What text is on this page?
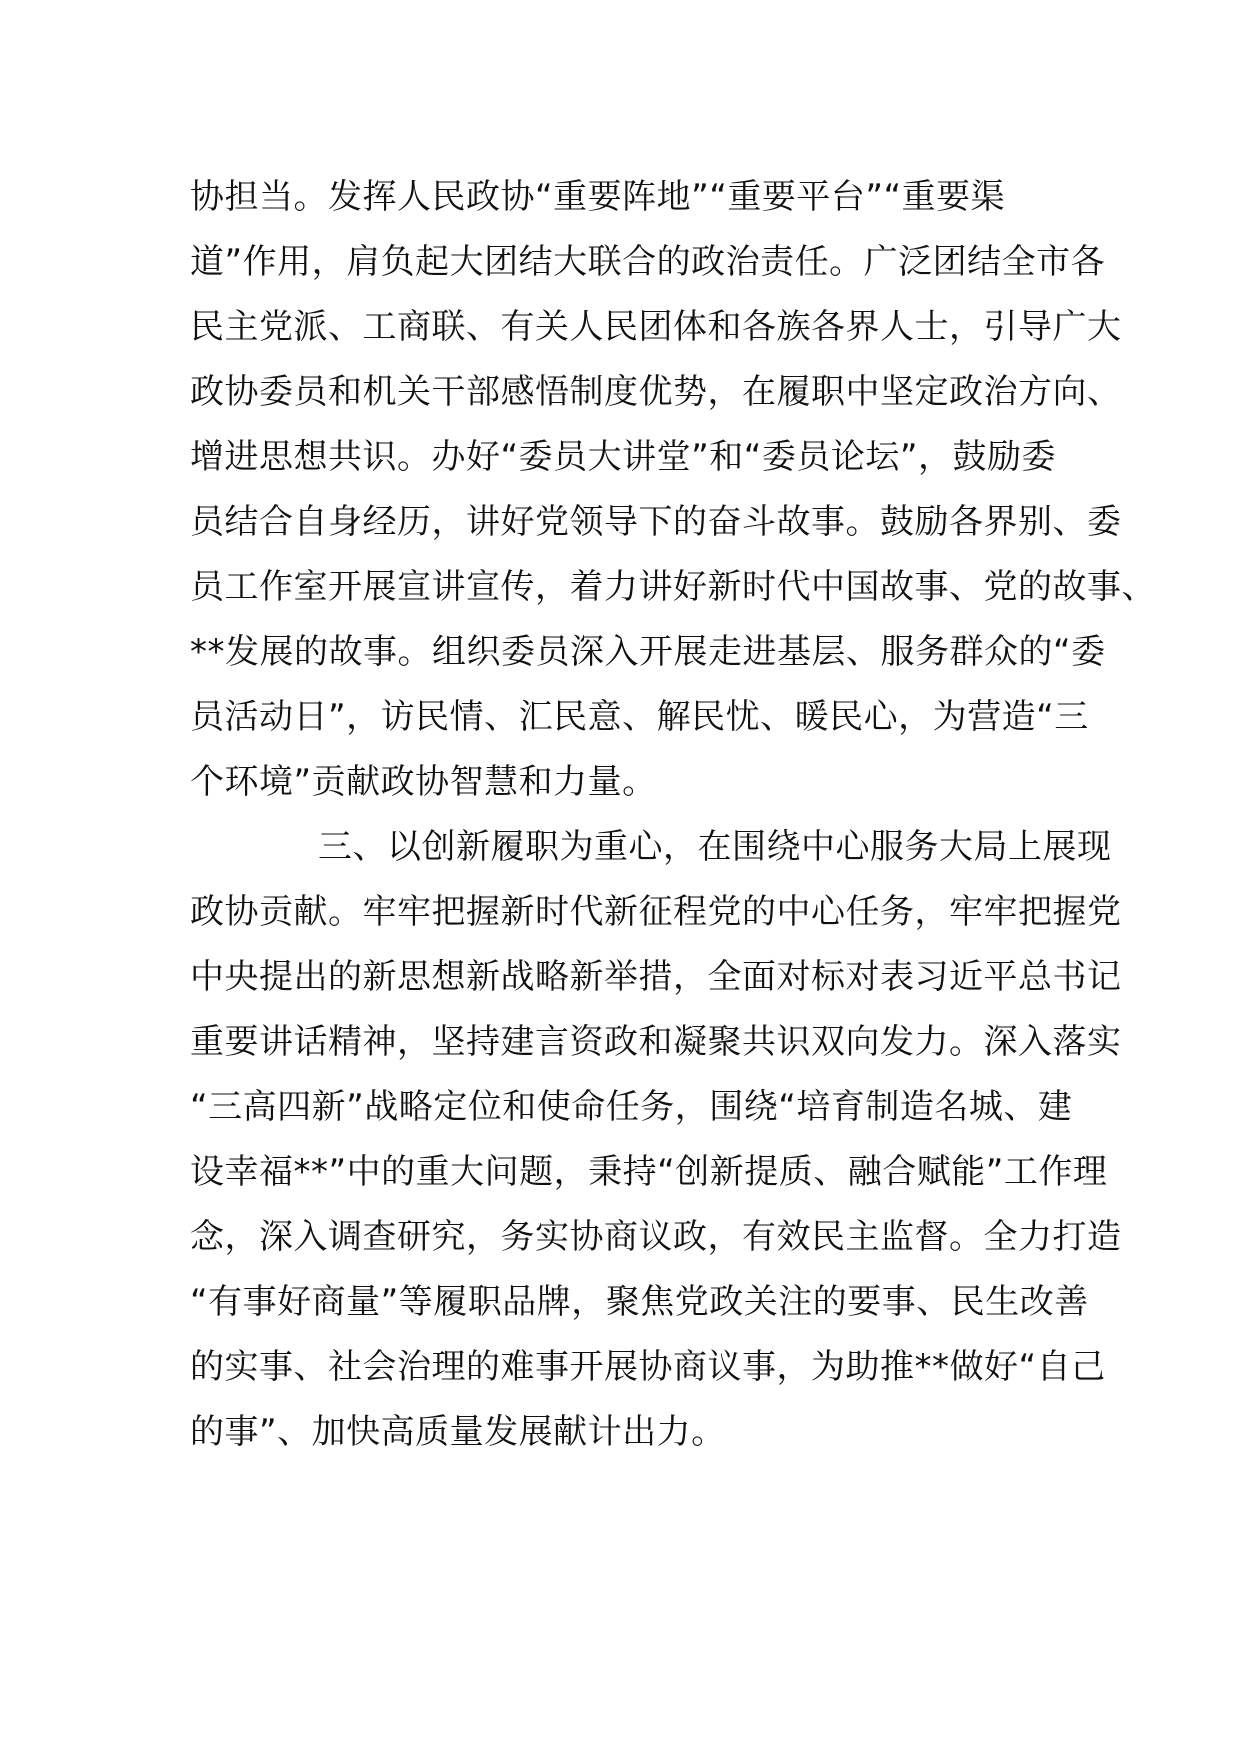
协担当。发挥人民政协“重要阵地”“重要平台”“重要渠
道”作用，肩负起大团结大联合的政治责任。广泛团结全市各
民主党派、工商联、有关人民团体和各族各界人士，引导广大
政协委员和机关干部感悟制度优势，在履职中坚定政治方向、
增进思想共识。办好“委员大讲堂”和“委员论坛”，鼓励委
员结合自身经历，讲好党领导下的奋斗故事。鼓励各界别、委
员工作室开展宣讲宣传，着力讲好新时代中国故事、党的故事、
**发展的故事。组织委员深入开展走进基层、服务群众的“委
员活动日”，访民情、汇民意、解民忧、暖民心，为营造“三
个环境”贡献政协智慧和力量。
三、以创新履职为重心，在围绕中心服务大局上展现
政协贡献。牢牢把握新时代新征程党的中心任务，牢牢把握党
中央提出的新思想新战略新举措，全面对标对表习近平总书记
重要讲话精神，坚持建言资政和凝聚共识双向发力。深入落实
“三高四新”战略定位和使命任务，围绕“培育制造名城、建
设幸福**”中的重大问题，秉持“创新提质、融合赋能”工作理
念，深入调查研究，务实协商议政，有效民主监督。全力打造
“有事好商量”等履职品牌，聚焦党政关注的要事、民生改善
的实事、社会治理的难事开展协商议事，为助推**做好“自己
的事”、加快高质量发展献计出力。
